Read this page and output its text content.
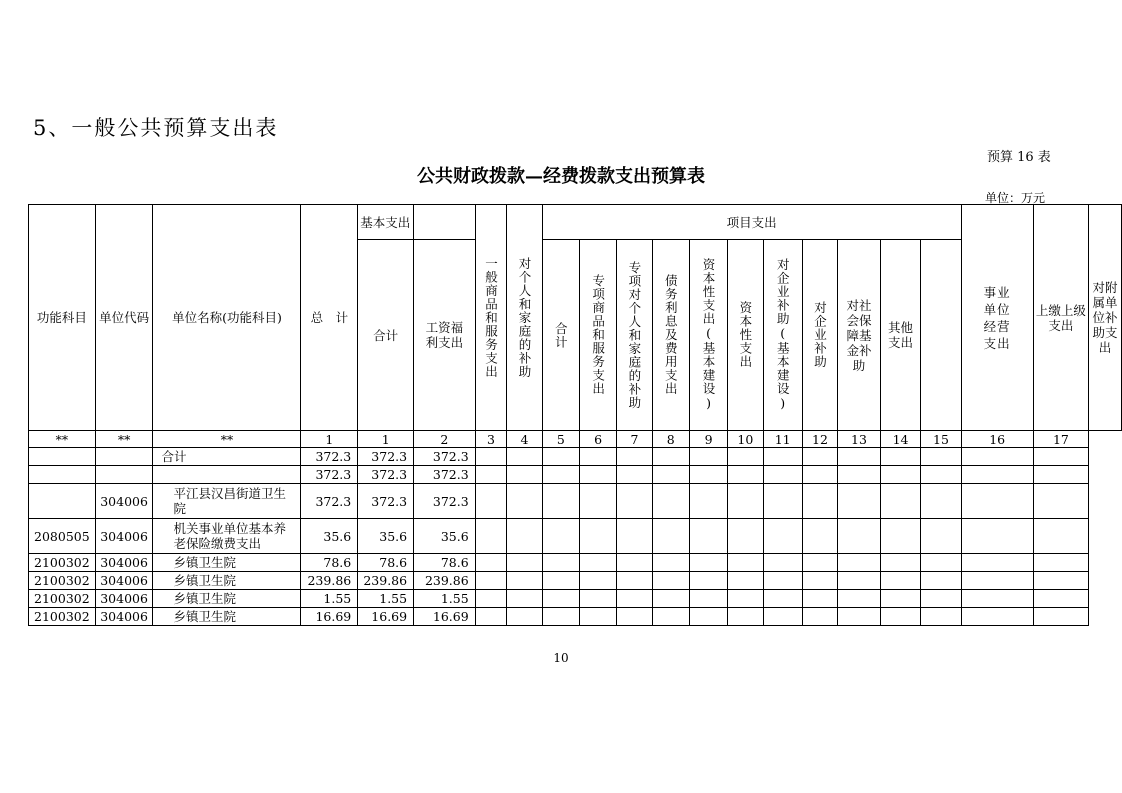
5、一般公共预算支出表
预算 16 表
公共财政拨款—经费拨款支出预算表
单位：万元
功能科目	单位代码	单位名称(功能科目)	总　计	基本支出		一般商品和服务支出	对个人和家庭的补助	项目支出											事业单位经营支出	上缴上级支出	对附属单位补助支出

				合计	工资福利支出			合计	专项商品和服务支出	专项对个人和家庭的补助	债务利息及费用支出	资本性支出(基本建设)	资本性支出	对企业补助(基本建设)	对企业补助	对社会保障基金补助	其他支出				

**	**	**	1	1	2	3	4	5	6	7	8	9	10	11	12	13	14	15	16	17	
		合计	372.3	372.3	372.3																
			372.3	372.3	372.3																
	304006	平江县汉昌街道卫生院	372.3	372.3	372.3																
2080505	304006	机关事业单位基本养老保险缴费支出	35.6	35.6	35.6																
2100302	304006	乡镇卫生院	78.6	78.6	78.6																
2100302	304006	乡镇卫生院	239.86	239.86	239.86																
2100302	304006	乡镇卫生院	1.55	1.55	1.55																
2100302	304006	乡镇卫生院	16.69	16.69	16.69																
10
